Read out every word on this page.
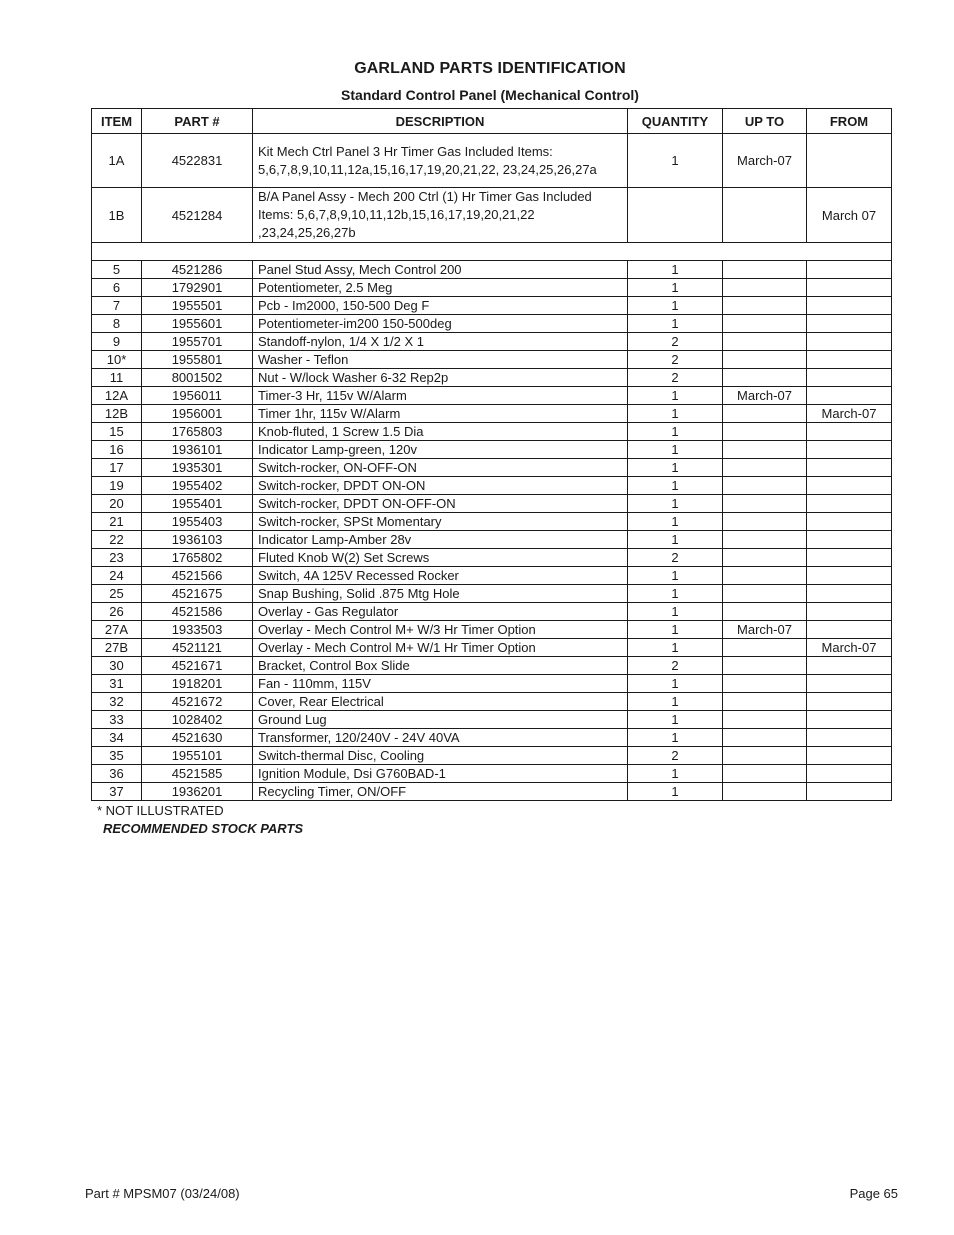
GARLAND PARTS IDENTIFICATION
Standard Control Panel (Mechanical Control)
ITEM	PART #	DESCRIPTION	QUANTITY	UP TO	FROM
1A	4522831	Kit Mech Ctrl Panel 3 Hr Timer Gas Included Items: 5,6,7,8,9,10,11,12a,15,16,17,19,20,21,22, 23,24,25,26,27a	1	March-07	
1B	4521284	B/A Panel Assy - Mech 200 Ctrl (1) Hr Timer Gas Included Items: 5,6,7,8,9,10,11,12b,15,16,17,19,20,21,22 ,23,24,25,26,27b			March 07

5	4521286	Panel Stud Assy, Mech Control 200	1		
6	1792901	Potentiometer, 2.5 Meg	1		
7	1955501	Pcb - Im2000, 150-500 Deg F	1		
8	1955601	Potentiometer-im200 150-500deg	1		
9	1955701	Standoff-nylon, 1/4 X 1/2 X 1	2		
10*	1955801	Washer - Teflon	2		
11	8001502	Nut - W/lock Washer 6-32 Rep2p	2		
12A	1956011	Timer-3 Hr, 115v W/Alarm	1	March-07	
12B	1956001	Timer 1hr, 115v W/Alarm	1		March-07
15	1765803	Knob-fluted, 1 Screw 1.5 Dia	1		
16	1936101	Indicator Lamp-green, 120v	1		
17	1935301	Switch-rocker, ON-OFF-ON	1		
19	1955402	Switch-rocker, DPDT ON-ON	1		
20	1955401	Switch-rocker, DPDT ON-OFF-ON	1		
21	1955403	Switch-rocker, SPSt Momentary	1		
22	1936103	Indicator Lamp-Amber 28v	1		
23	1765802	Fluted Knob W(2) Set Screws	2		
24	4521566	Switch, 4A 125V Recessed Rocker	1		
25	4521675	Snap Bushing, Solid .875 Mtg Hole	1		
26	4521586	Overlay - Gas Regulator	1		
27A	1933503	Overlay - Mech Control M+ W/3 Hr Timer Option	1	March-07	
27B	4521121	Overlay - Mech Control M+ W/1 Hr Timer Option	1		March-07
30	4521671	Bracket, Control Box Slide	2		
31	1918201	Fan - 110mm, 115V	1		
32	4521672	Cover, Rear Electrical	1		
33	1028402	Ground Lug	1		
34	4521630	Transformer, 120/240V - 24V 40VA	1		
35	1955101	Switch-thermal Disc, Cooling	2		
36	4521585	Ignition Module, Dsi G760BAD-1	1		
37	1936201	Recycling Timer, ON/OFF	1		
* NOT ILLUSTRATED
RECOMMENDED STOCK PARTS
Part # MPSM07 (03/24/08)	Page 65
